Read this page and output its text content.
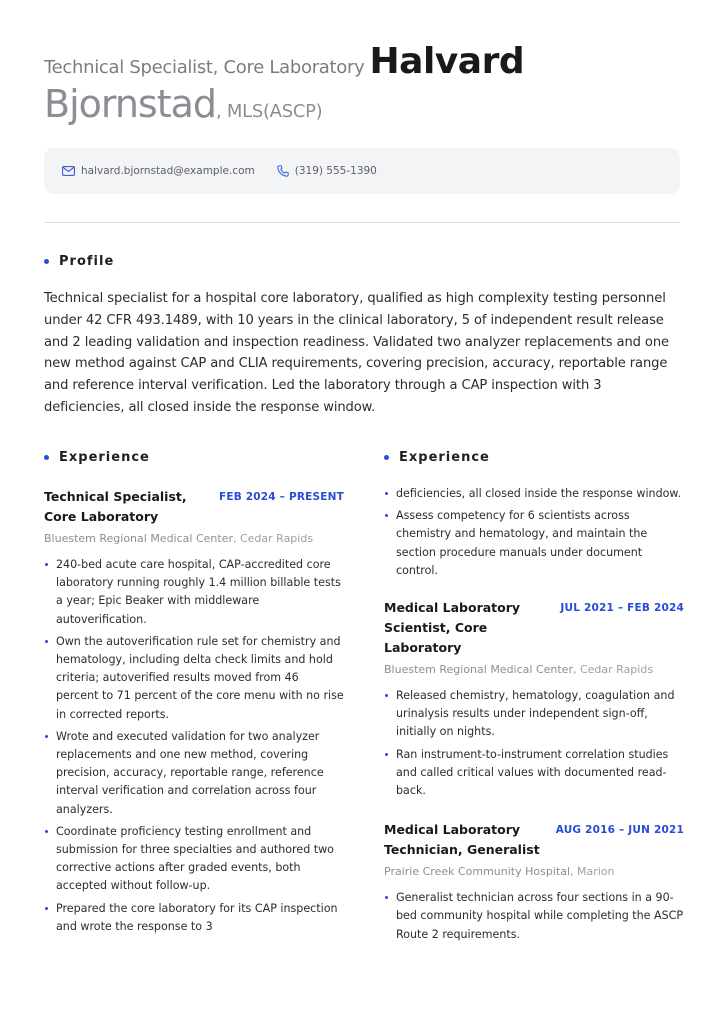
Technical Specialist, Core Laboratory Halvard
Bjornstad, MLS(ASCP)
halvard.bjornstad@example.com	(319) 555-1390
Profile

Technical specialist for a hospital core laboratory, qualified as high complexity testing personnel under 42 CFR 493.1489, with 10 years in the clinical laboratory, 5 of independent result release and 2 leading validation and inspection readiness. Validated two analyzer replacements and one new method against CAP and CLIA requirements, covering precision, accuracy, reportable range and reference interval verification. Led the laboratory through a CAP inspection with 3 deficiencies, all closed inside the response window.

Experience
Technical Specialist, Core Laboratory
FEB 2024 – PRESENT
Bluestem Regional Medical Center, Cedar Rapids
240-bed acute care hospital, CAP-accredited core laboratory running roughly 1.4 million billable tests a year; Epic Beaker with middleware autoverification.
Own the autoverification rule set for chemistry and hematology, including delta check limits and hold criteria; autoverified results moved from 46 percent to 71 percent of the core menu with no rise in corrected reports.
Wrote and executed validation for two analyzer replacements and one new method, covering precision, accuracy, reportable range, reference interval verification and correlation across four analyzers.
Coordinate proficiency testing enrollment and submission for three specialties and authored two corrective actions after graded events, both accepted without follow-up.
Prepared the core laboratory for its CAP inspection and wrote the response to 3
Experience
deficiencies, all closed inside the response window.
Assess competency for 6 scientists across chemistry and hematology, and maintain the section procedure manuals under document control.
Medical Laboratory Scientist, Core Laboratory
JUL 2021 – FEB 2024
Bluestem Regional Medical Center, Cedar Rapids
Released chemistry, hematology, coagulation and urinalysis results under independent sign-off, initially on nights.
Ran instrument-to-instrument correlation studies and called critical values with documented read-back.
Medical Laboratory Technician, Generalist
AUG 2016 – JUN 2021
Prairie Creek Community Hospital, Marion
Generalist technician across four sections in a 90-bed community hospital while completing the ASCP Route 2 requirements.
